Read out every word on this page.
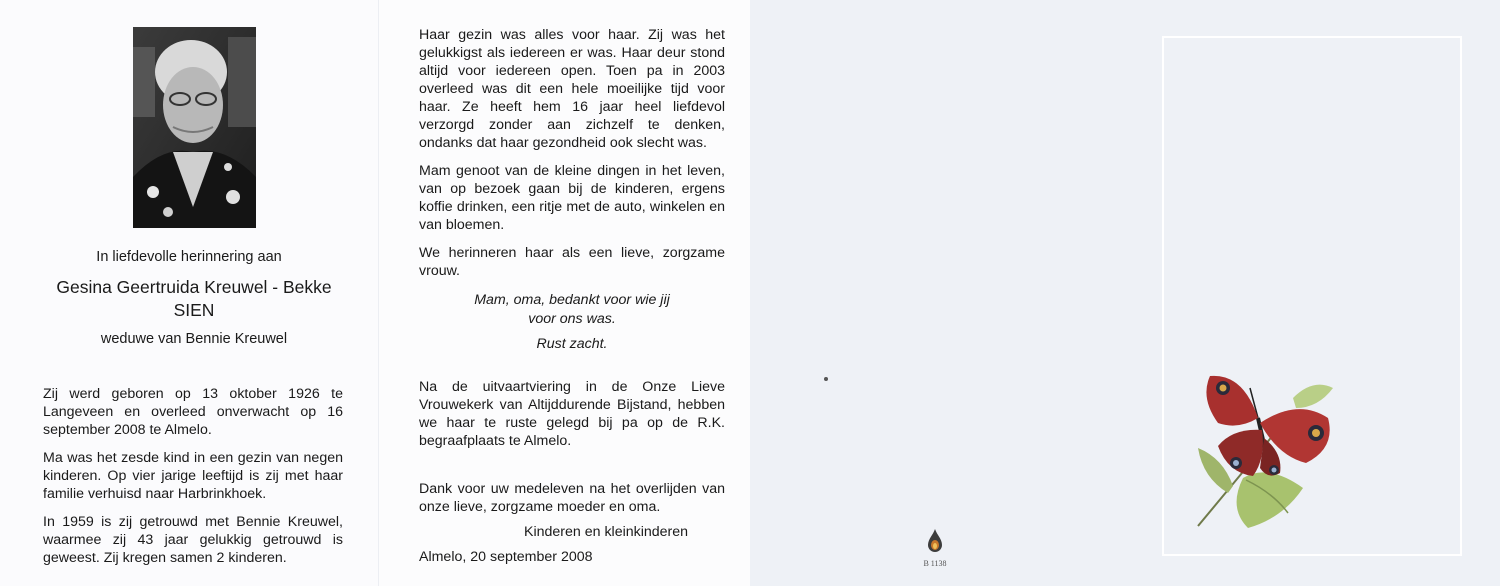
In liefdevolle herinnering aan
Gesina Geertruida Kreuwel - Bekke
SIEN
weduwe van Bennie Kreuwel

Zij werd geboren op 13 oktober 1926 te Langeveen en overleed onverwacht op 16 september 2008 te Almelo.

Ma was het zesde kind in een gezin van negen kinderen. Op vier jarige leeftijd is zij met haar familie verhuisd naar Harbrinkhoek.

In 1959 is zij getrouwd met Bennie Kreuwel, waarmee zij 43 jaar gelukkig getrouwd is geweest. Zij kregen samen 2 kinderen.

Haar gezin was alles voor haar. Zij was het gelukkigst als iedereen er was. Haar deur stond altijd voor iedereen open. Toen pa in 2003 overleed was dit een hele moeilijke tijd voor haar. Ze heeft hem 16 jaar heel liefdevol verzorgd zonder aan zichzelf te denken, ondanks dat haar gezondheid ook slecht was.

Mam genoot van de kleine dingen in het leven, van op bezoek gaan bij de kinderen, ergens koffie drinken, een ritje met de auto, winkelen en van bloemen.

We herinneren haar als een lieve, zorgzame vrouw.

Mam, oma, bedankt voor wie jij
voor ons was.
Rust zacht.

Na de uitvaartviering in de Onze Lieve Vrouwekerk van Altijddurende Bijstand, hebben we haar te ruste gelegd bij pa op de R.K. begraafplaats te Almelo.

Dank voor uw medeleven na het overlijden van onze lieve, zorgzame moeder en oma.

Kinderen en kleinkinderen
Almelo, 20 september 2008	B 1138
